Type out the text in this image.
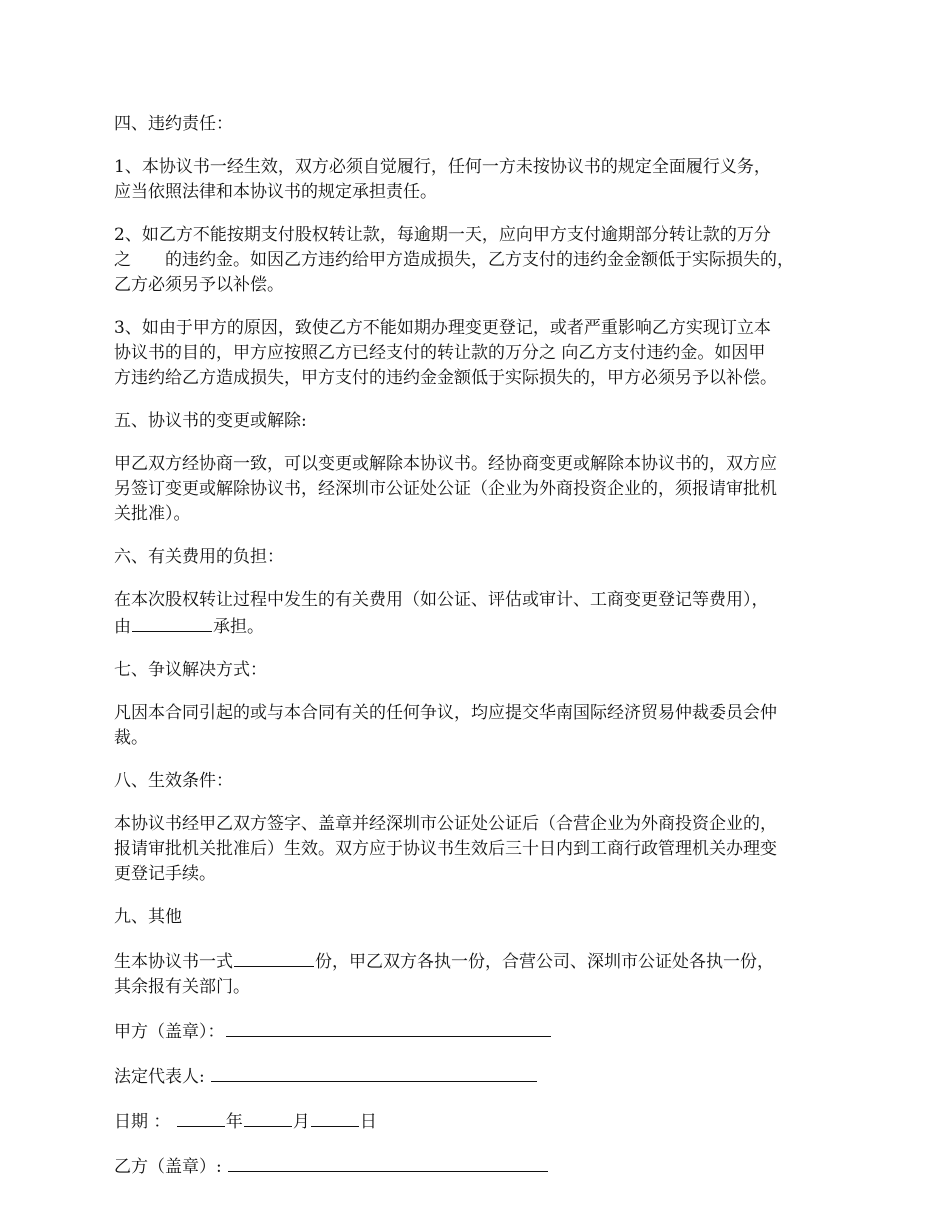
四、违约责任：

1、本协议书一经生效，双方必须自觉履行，任何一方未按协议书的规定全面履行义务，
应当依照法律和本协议书的规定承担责任。

2、如乙方不能按期支付股权转让款，每逾期一天，应向甲方支付逾期部分转让款的万分
之 的违约金。如因乙方违约给甲方造成损失，乙方支付的违约金金额低于实际损失的，
乙方必须另予以补偿。

3、如由于甲方的原因，致使乙方不能如期办理变更登记，或者严重影响乙方实现订立本
协议书的目的，甲方应按照乙方已经支付的转让款的万分之 向乙方支付违约金。如因甲
方违约给乙方造成损失，甲方支付的违约金金额低于实际损失的，甲方必须另予以补偿。

五、协议书的变更或解除:

甲乙双方经协商一致，可以变更或解除本协议书。经协商变更或解除本协议书的，双方应
另签订变更或解除协议书，经深圳市公证处公证（企业为外商投资企业的，须报请审批机
关批准）。

六、有关费用的负担：

在本次股权转让过程中发生的有关费用（如公证、评估或审计、工商变更登记等费用），
由	承担。

七、争议解决方式：

凡因本合同引起的或与本合同有关的任何争议，均应提交华南国际经济贸易仲裁委员会仲
裁。

八、生效条件：

本协议书经甲乙双方签字、盖章并经深圳市公证处公证后（合营企业为外商投资企业的，
报请审批机关批准后）生效。双方应于协议书生效后三十日内到工商行政管理机关办理变
更登记手续。

九、其他

生本协议书一式	份，甲乙双方各执一份，合营公司、深圳市公证处各执一份，
其余报有关部门。

甲方（盖章）：

法定代表人:

日期 ：	年	月	日

乙方（盖章）:
